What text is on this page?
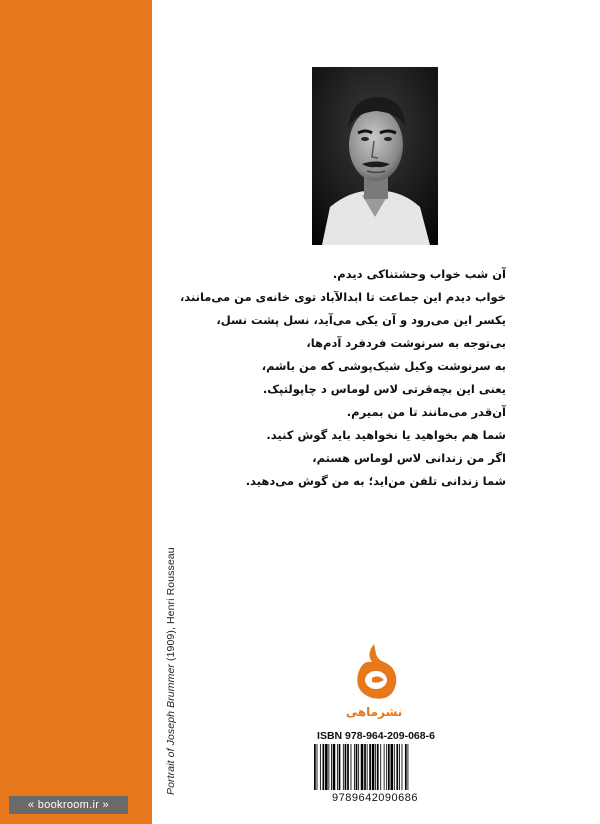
Portrait of Joseph Brummer (1909), Henri Rousseau
« bookroom.ir »
آن شب خواب وحشتناکی دیدم.
خواب دیدم این جماعت تا ابدالآباد توی خانه‌ی من می‌مانند،
یکسر این می‌رود و آن یکی می‌آید، نسل پشت نسل،
بی‌توجه به سرنوشت فردفرد آدم‌ها،
به سرنوشت وکیل شیک‌پوشی که من باشم،
یعنی این بچه‌قرتی لاس لوماس د چاپولتپک.
آن‌قدر می‌مانند تا من بمیرم.
شما هم بخواهید یا نخواهید باید گوش کنید.
اگر من زندانی لاس لوماس هستم،
شما زندانی تلفن من‌اید؛ به من گوش می‌دهید.
نشرماهی
ISBN 978-964-209-068-6
9789642090686
